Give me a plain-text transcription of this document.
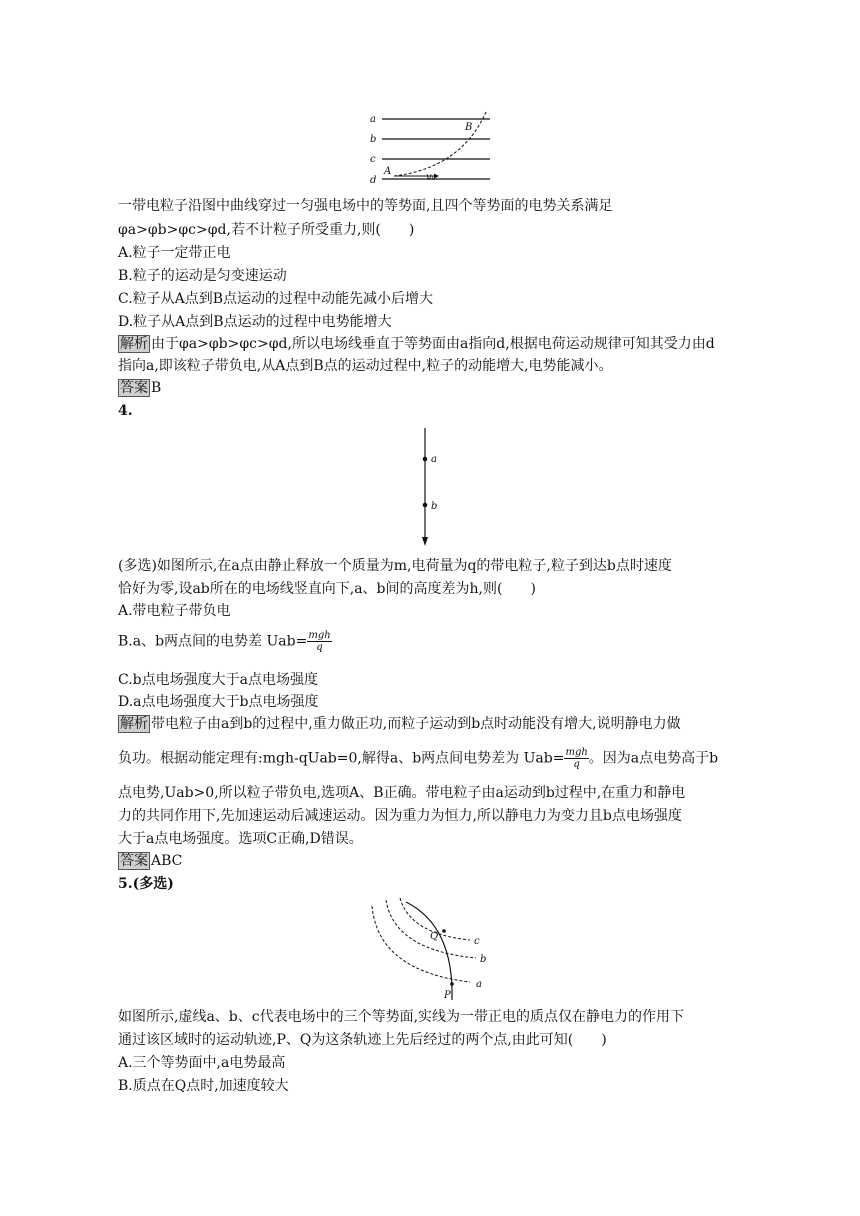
a
b
c
d
A
B
v₀
一带电粒子沿图中曲线穿过一匀强电场中的等势面,且四个等势面的电势关系满足
φa>φb>φc>φd,若不计粒子所受重力,则(　　)
A.粒子一定带正电
B.粒子的运动是匀变速运动
C.粒子从A点到B点运动的过程中动能先减小后增大
D.粒子从A点到B点运动的过程中电势能增大
解析 由于φa>φb>φc>φd,所以电场线垂直于等势面由a指向d,根据电荷运动规律可知其受力由d
指向a,即该粒子带负电,从A点到B点的运动过程中,粒子的动能增大,电势能减小。
答案 B
4.
a
b
(多选)如图所示,在a点由静止释放一个质量为m,电荷量为q的带电粒子,粒子到达b点时速度
恰好为零,设ab所在的电场线竖直向下,a、b间的高度差为h,则(　　)
A.带电粒子带负电
B.a、b两点间的电势差 $Uab= \frac{\text{mgh}}{q}$
C.b点电场强度大于a点电场强度
D.a点电场强度大于b点电场强度
解析 带电粒子由a到b的过程中,重力做正功,而粒子运动到b点时动能没有增大,说明静电力做
负功。根据动能定理有:mgh-qUab=0,解得a、b两点间电势差为 $Uab= \frac{\text{mgh}}{q}$ 。因为a点电势高于b
点电势,Uab>0,所以粒子带负电,选项A、B正确。带电粒子由a运动到b过程中,在重力和静电
力的共同作用下,先加速运动后减速运动。因为重力为恒力,所以静电力为变力且b点电场强度
大于a点电场强度。选项C正确,D错误。
答案 ABC
5.(多选)
Q
P
a
b
c
如图所示,虚线a、b、c代表电场中的三个等势面,实线为一带正电的质点仅在静电力的作用下
通过该区域时的运动轨迹,P、Q为这条轨迹上先后经过的两个点,由此可知(　　)
A.三个等势面中,a电势最高
B.质点在Q点时,加速度较大
